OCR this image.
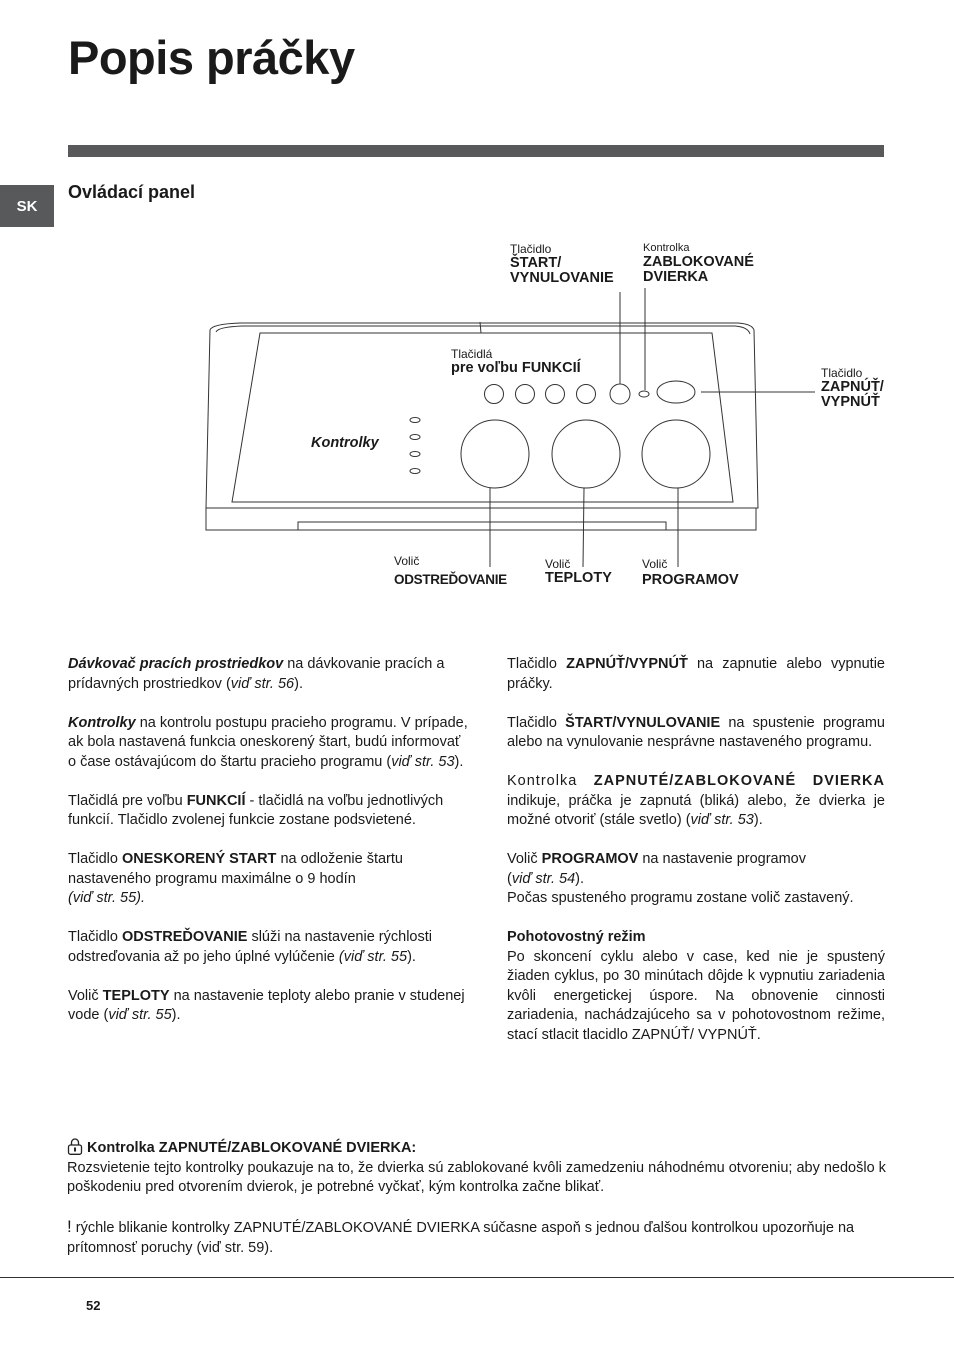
Popis práčky
SK
Ovládací panel
Tlačidlo
ŠTART/
VYNULOVANIE
Kontrolka
ZABLOKOVANÉ
DVIERKA
Tlačidlá
pre voľbu FUNKCIÍ	Tlačidlo
ZAPNÚŤ/
VYPNÚŤ
Kontrolky
Volič
ODSTREĎOVANIE
Volič
TEPLOTY
Volič
PROGRAMOV

Dávkovač pracích prostriedkov na dávkovanie pracích a prídavných prostriedkov (viď str. 56).

Kontrolky na kontrolu postupu pracieho programu. V prípade, ak bola nastavená funkcia oneskorený štart, budú informovať o čase ostávajúcom do štartu pracieho programu (viď str. 53).

Tlačidlá pre voľbu FUNKCIÍ - tlačidlá na voľbu jednotlivých funkcií. Tlačidlo zvolenej funkcie zostane podsvietené.

Tlačidlo ONESKORENÝ START na odloženie štartu nastaveného programu maximálne o 9 hodín
(viď str. 55).

Tlačidlo ODSTREĎOVANIE slúži na nastavenie rýchlosti odstreďovania až po jeho úplné vylúčenie (viď str. 55).

Volič TEPLOTY na nastavenie teploty alebo pranie v studenej vode (viď str. 55).

Tlačidlo ZAPNÚŤ/VYPNÚŤ na zapnutie alebo vypnutie práčky.

Tlačidlo ŠTART/VYNULOVANIE na spustenie programu alebo na vynulovanie nesprávne nastaveného programu.

Kontrolka ZAPNUTÉ/ZABLOKOVANÉ DVIERKA indikuje, práčka je zapnutá (bliká) alebo, že dvierka je možné otvoriť (stále svetlo) (viď str. 53).

Volič PROGRAMOV na nastavenie programov
(viď str. 54).
Počas spusteného programu zostane volič zastavený.

Pohotovostný režim

Po skoncení cyklu alebo v case, ked nie je spustený žiaden cyklus, po 30 minútach dôjde k vypnutiu zariadenia kvôli energetickej úspore. Na obnovenie cinnosti zariadenia, nachádzajúceho sa v pohotovostnom režime, stací stlacit tlacidlo ZAPNÚŤ/ VYPNÚŤ.

Kontrolka ZAPNUTÉ/ZABLOKOVANÉ DVIERKA:

Rozsvietenie tejto kontrolky poukazuje na to, že dvierka sú zablokované kvôli zamedzeniu náhodnému otvoreniu; aby nedošlo k poškodeniu pred otvorením dvierok, je potrebné vyčkať, kým kontrolka začne blikať.

! rýchle blikanie kontrolky ZAPNUTÉ/ZABLOKOVANÉ DVIERKA súčasne aspoň s jednou ďalšou kontrolkou upozorňuje na prítomnosť poruchy (viď str. 59).

52
